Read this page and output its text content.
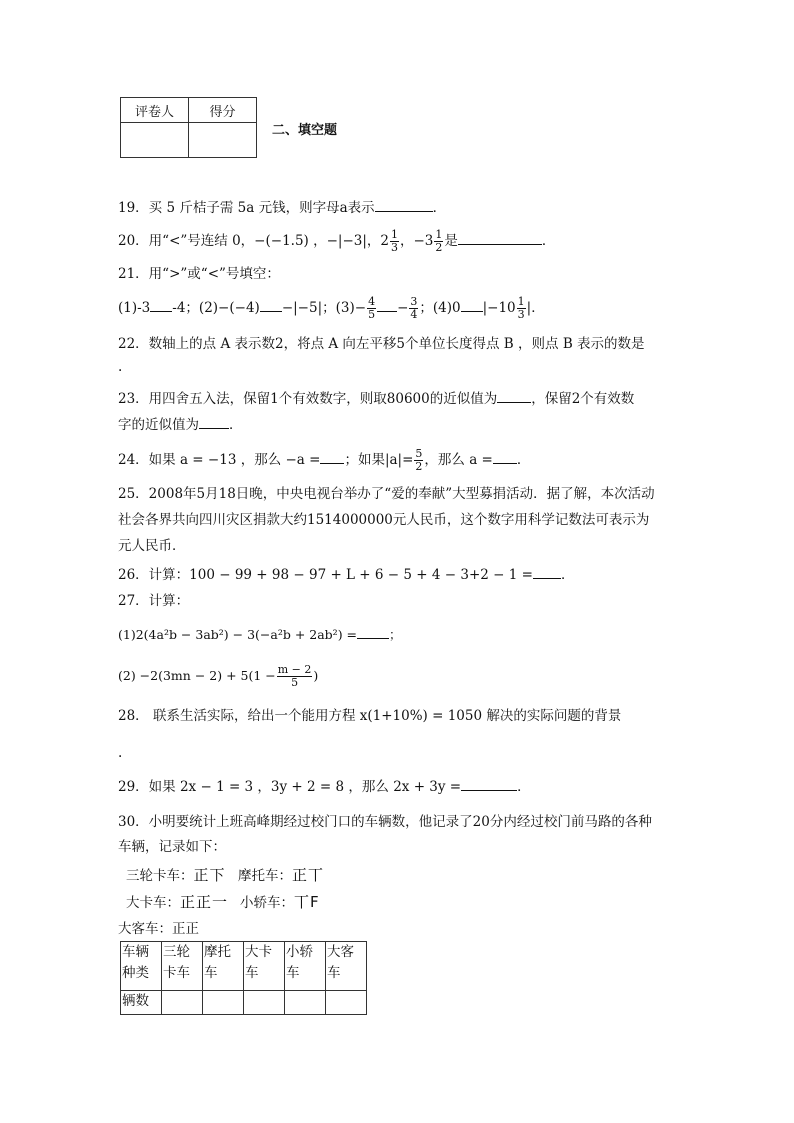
评卷人	得分

二、填空题
19．买 5 斤桔子需 5a 元钱，则字母a表示	．
20．用“<”号连结 0，−(−1.5) ，−|−3|，$2 \frac{1}{3}$ ，$-3 \frac{1}{2}$ 是	．
21．用“>”或“<”号填空：
(1)-3 -4；(2)−(−4) −|−5|；$(3)- \frac{4}{5} - \frac{3}{4}$ ；(4)0 $|-10 \frac{1}{3}$ |．
22．数轴上的点 A 表示数2，将点 A 向左平移5个单位长度得点 B ，则点 B 表示的数是
.
23．用四舍五入法，保留1个有效数字，则取80600的近似值为	，保留2个有效数
字的近似值为 ．
24．如果 a = −13 ，那么 −a = ；如果$|a|= \frac{5}{2}$ ，那么 a = ．
25．2008年5月18日晚，中央电视台举办了“爱的奉献”大型募捐活动．据了解，本次活动
社会各界共向四川灾区捐款大约1514000000元人民币，这个数字用科学记数法可表示为
元人民币．
26．计算：100 − 99 + 98 − 97 + L + 6 − 5 + 4 − 3+2 − 1 = ．
27．计算：
(1)2(4a²b − 3ab²) − 3(−a²b + 2ab²) =	；
$(2) -2(3mn - 2) + 5(1 - \frac{m - 2}{5}$ )
28． 联系生活实际，给出一个能用方程 x(1+10%) = 1050 解决的实际问题的背景
.
29．如果 2x − 1 = 3 ，3y + 2 = 8 ，那么 2x + 3y =	．
30．小明要统计上班高峰期经过校门口的车辆数，他记录了20分内经过校门前马路的各种
车辆，记录如下：
三轮卡车：正下 摩托车：正丅
大卡车：正正一 小轿车：丅F
大客车：正正
车辆种类	三轮卡车	摩托车	大卡车	小轿车	大客车
辆数					
